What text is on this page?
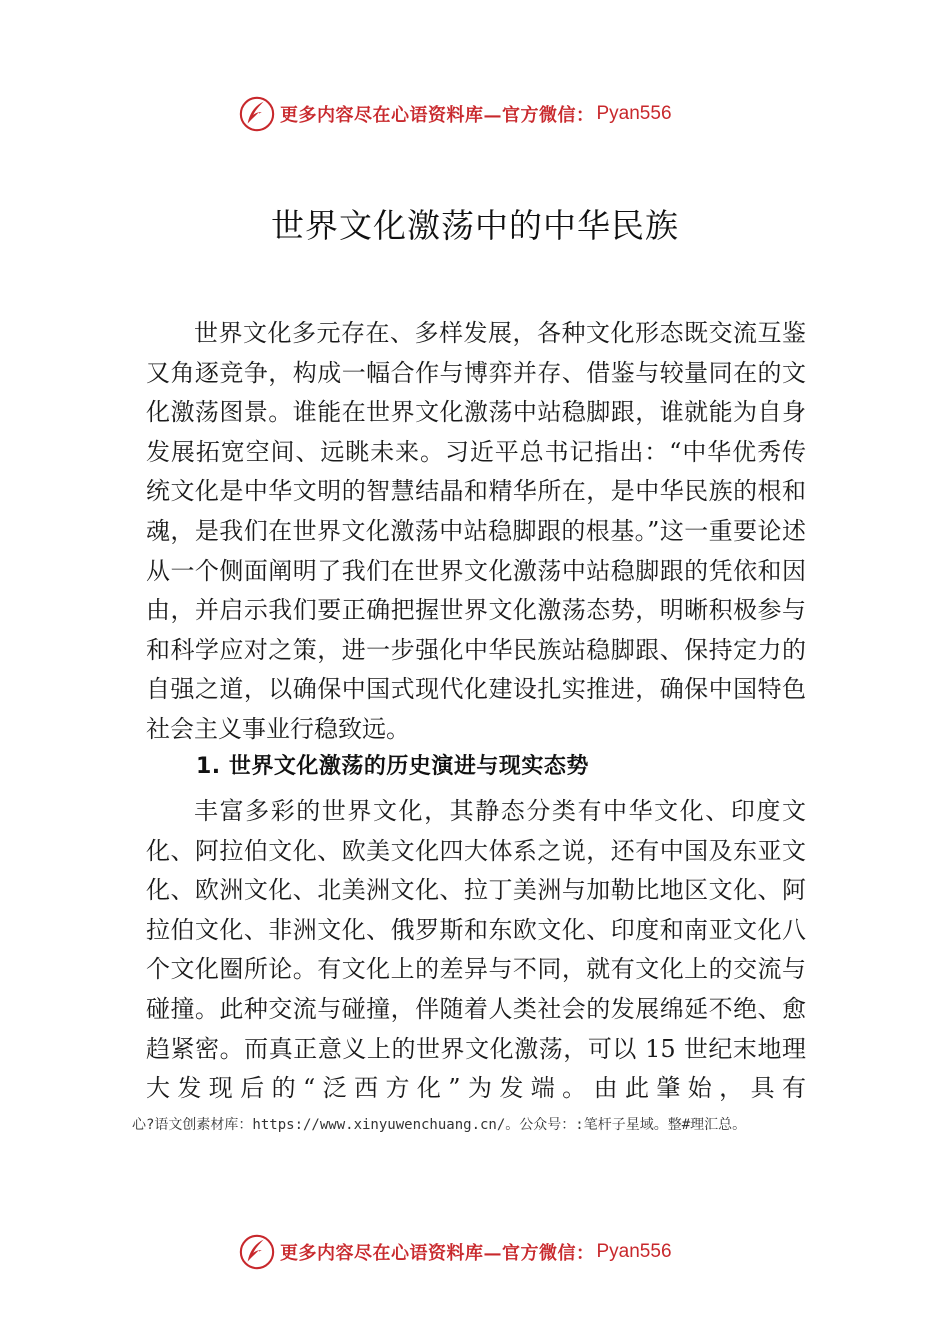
更多内容尽在心语资料库—官方微信： Pyan556
世界文化激荡中的中华民族

世界文化多元存在、多样发展，各种文化形态既交流互鉴又角逐竞争，构成一幅合作与博弈并存、借鉴与较量同在的文化激荡图景。谁能在世界文化激荡中站稳脚跟，谁就能为自身发展拓宽空间、远眺未来。习近平总书记指出：“中华优秀传统文化是中华文明的智慧结晶和精华所在，是中华民族的根和魂，是我们在世界文化激荡中站稳脚跟的根基。”这一重要论述从一个侧面阐明了我们在世界文化激荡中站稳脚跟的凭依和因由，并启示我们要正确把握世界文化激荡态势，明晰积极参与和科学应对之策，进一步强化中华民族站稳脚跟、保持定力的自强之道，以确保中国式现代化建设扎实推进，确保中国特色社会主义事业行稳致远。

1. 世界文化激荡的历史演进与现实态势

丰富多彩的世界文化，其静态分类有中华文化、印度文化、阿拉伯文化、欧美文化四大体系之说，还有中国及东亚文化、欧洲文化、北美洲文化、拉丁美洲与加勒比地区文化、阿拉伯文化、非洲文化、俄罗斯和东欧文化、印度和南亚文化八个文化圈所论。有文化上的差异与不同，就有文化上的交流与碰撞。此种交流与碰撞，伴随着人类社会的发展绵延不绝、愈趋紧密。而真正意义上的世界文化激荡，可以 15 世纪末地理大发现后的“泛西方化”为发端。由此肇始，具有

心?语文创素材库：https://www.xinyuwenchuang.cn/。公众号：:笔杆子星域。整#理汇总。
更多内容尽在心语资料库—官方微信： Pyan556
